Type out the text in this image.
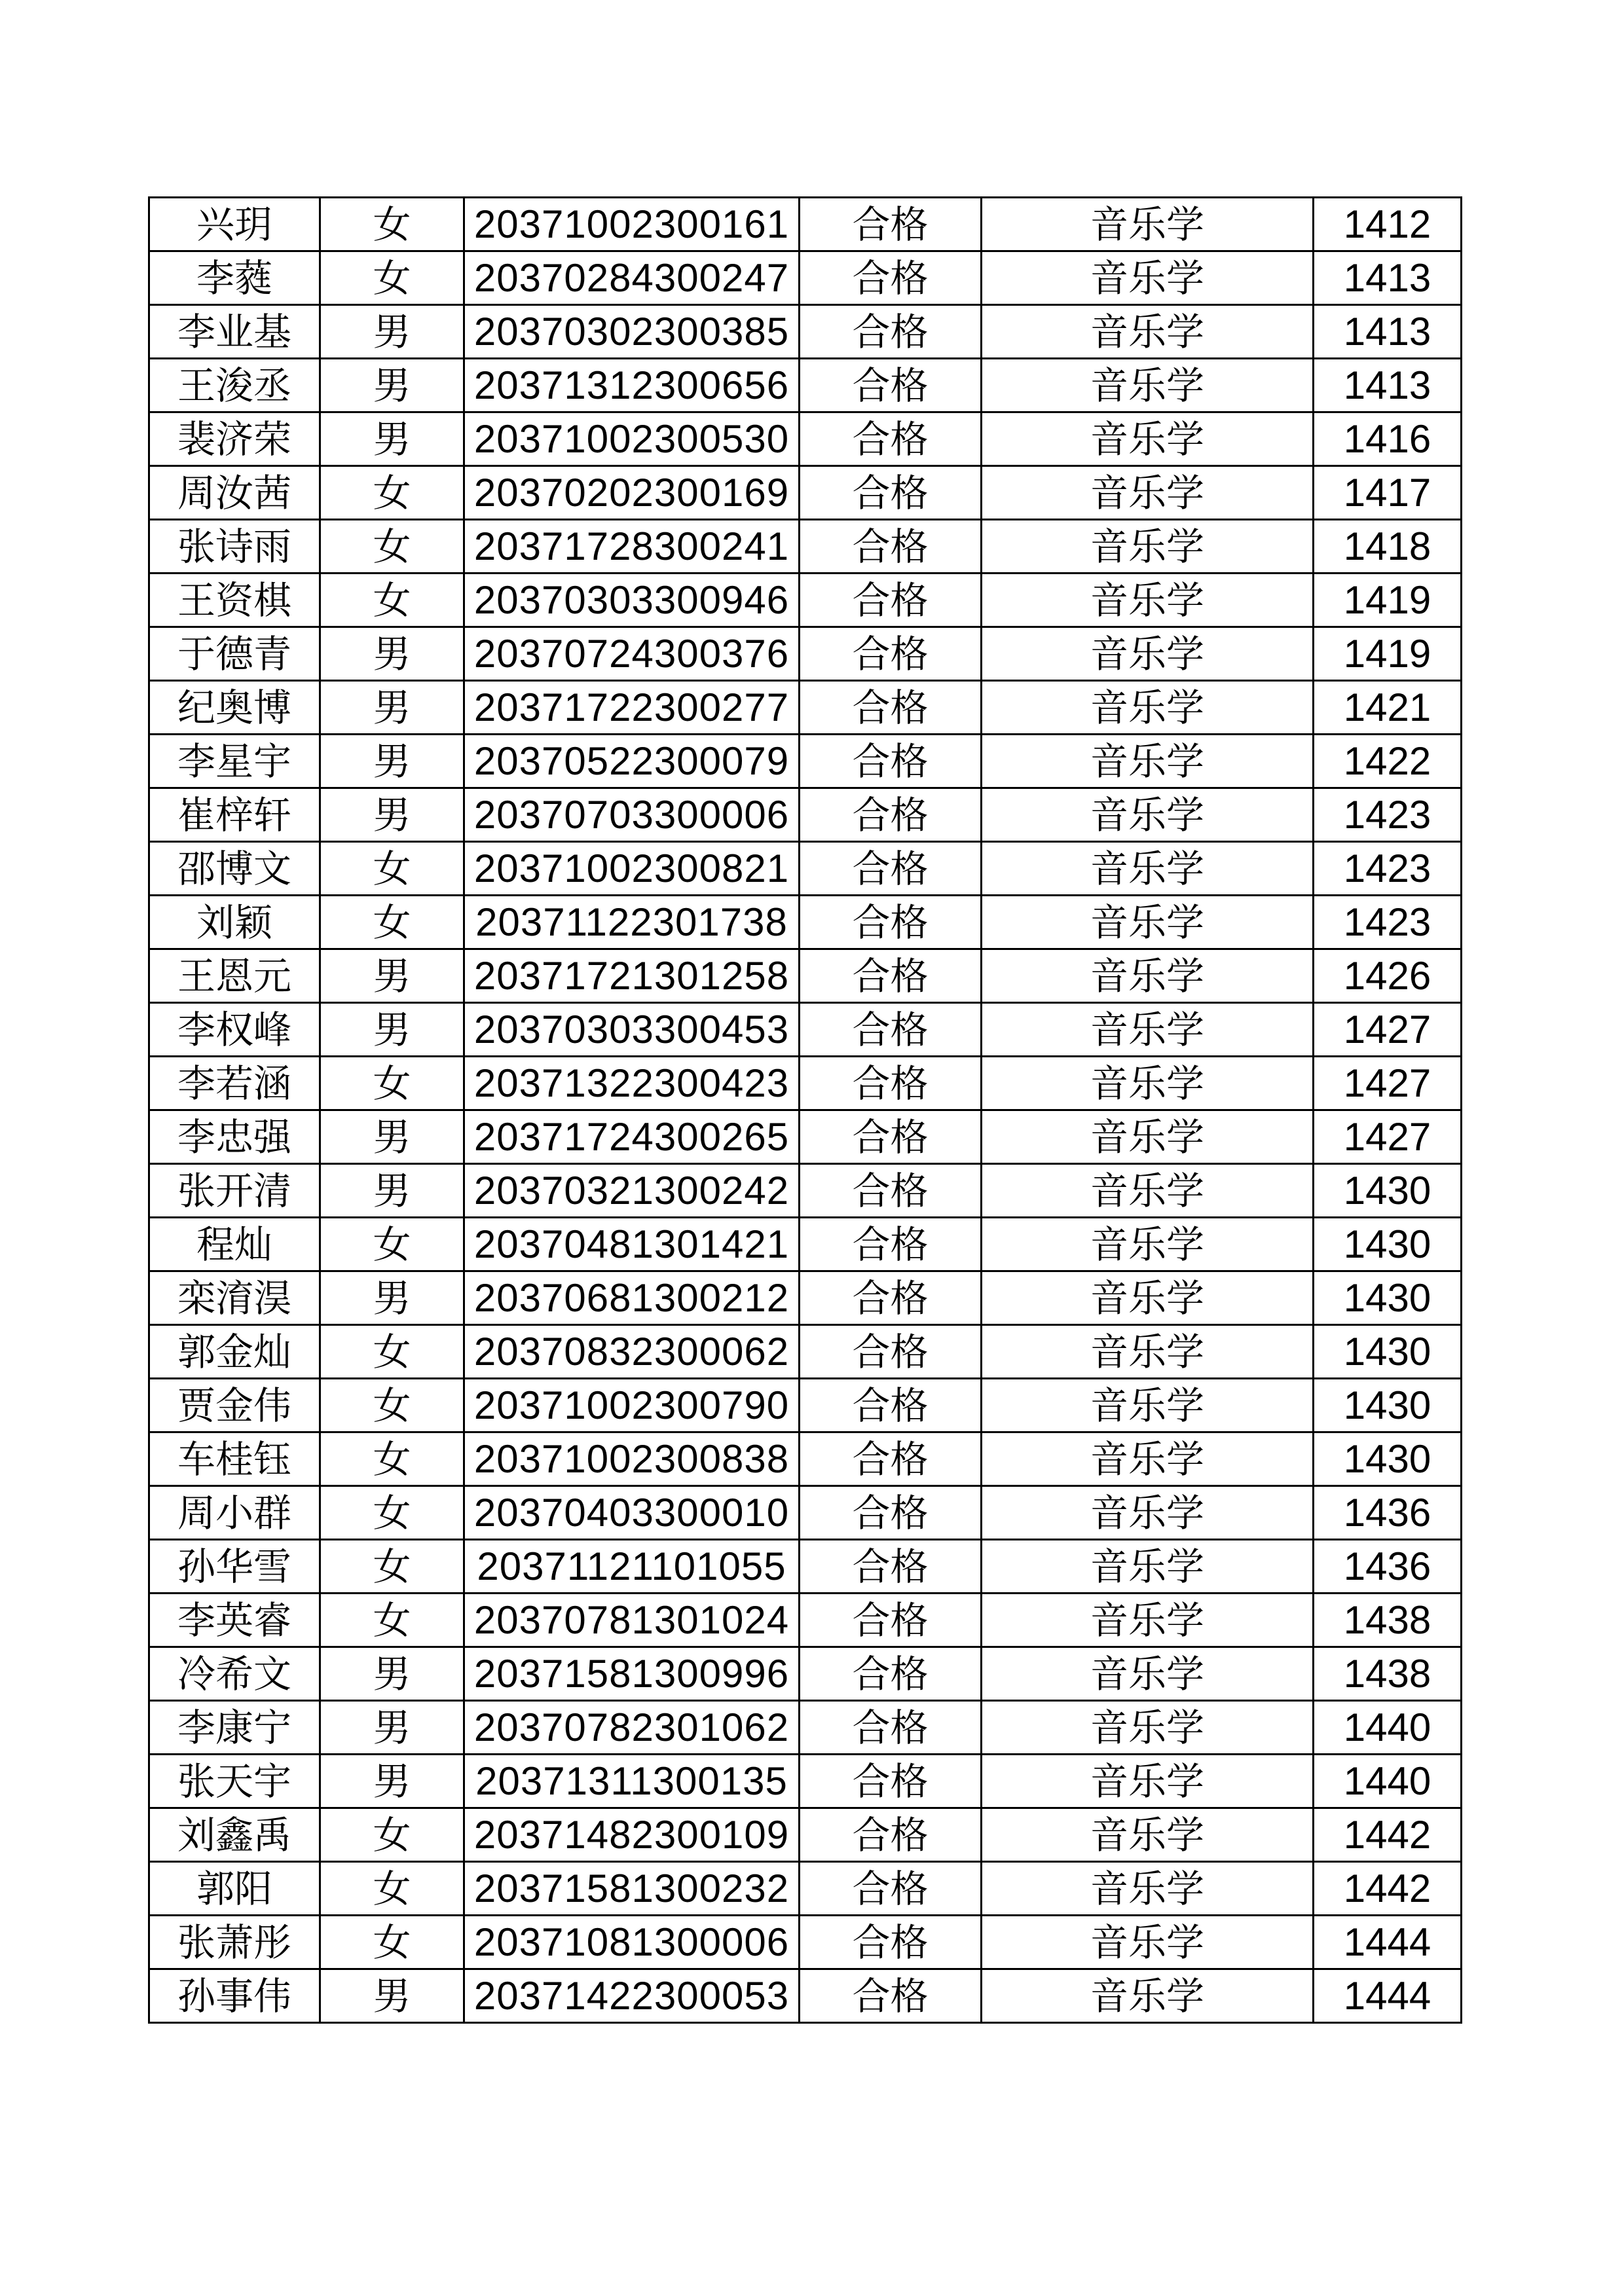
兴玥	女	20371002300161	合格	音乐学	1412
李蕤	女	20370284300247	合格	音乐学	1413
李业基	男	20370302300385	合格	音乐学	1413
王浚丞	男	20371312300656	合格	音乐学	1413
裴济荣	男	20371002300530	合格	音乐学	1416
周汝茜	女	20370202300169	合格	音乐学	1417
张诗雨	女	20371728300241	合格	音乐学	1418
王资棋	女	20370303300946	合格	音乐学	1419
于德青	男	20370724300376	合格	音乐学	1419
纪奥博	男	20371722300277	合格	音乐学	1421
李星宇	男	20370522300079	合格	音乐学	1422
崔梓轩	男	20370703300006	合格	音乐学	1423
邵博文	女	20371002300821	合格	音乐学	1423
刘颖	女	20371122301738	合格	音乐学	1423
王恩元	男	20371721301258	合格	音乐学	1426
李权峰	男	20370303300453	合格	音乐学	1427
李若涵	女	20371322300423	合格	音乐学	1427
李忠强	男	20371724300265	合格	音乐学	1427
张开清	男	20370321300242	合格	音乐学	1430
程灿	女	20370481301421	合格	音乐学	1430
栾淯淏	男	20370681300212	合格	音乐学	1430
郭金灿	女	20370832300062	合格	音乐学	1430
贾金伟	女	20371002300790	合格	音乐学	1430
车桂钰	女	20371002300838	合格	音乐学	1430
周小群	女	20370403300010	合格	音乐学	1436
孙华雪	女	20371121101055	合格	音乐学	1436
李英睿	女	20370781301024	合格	音乐学	1438
冷希文	男	20371581300996	合格	音乐学	1438
李康宁	男	20370782301062	合格	音乐学	1440
张天宇	男	20371311300135	合格	音乐学	1440
刘鑫禹	女	20371482300109	合格	音乐学	1442
郭阳	女	20371581300232	合格	音乐学	1442
张萧彤	女	20371081300006	合格	音乐学	1444
孙事伟	男	20371422300053	合格	音乐学	1444
